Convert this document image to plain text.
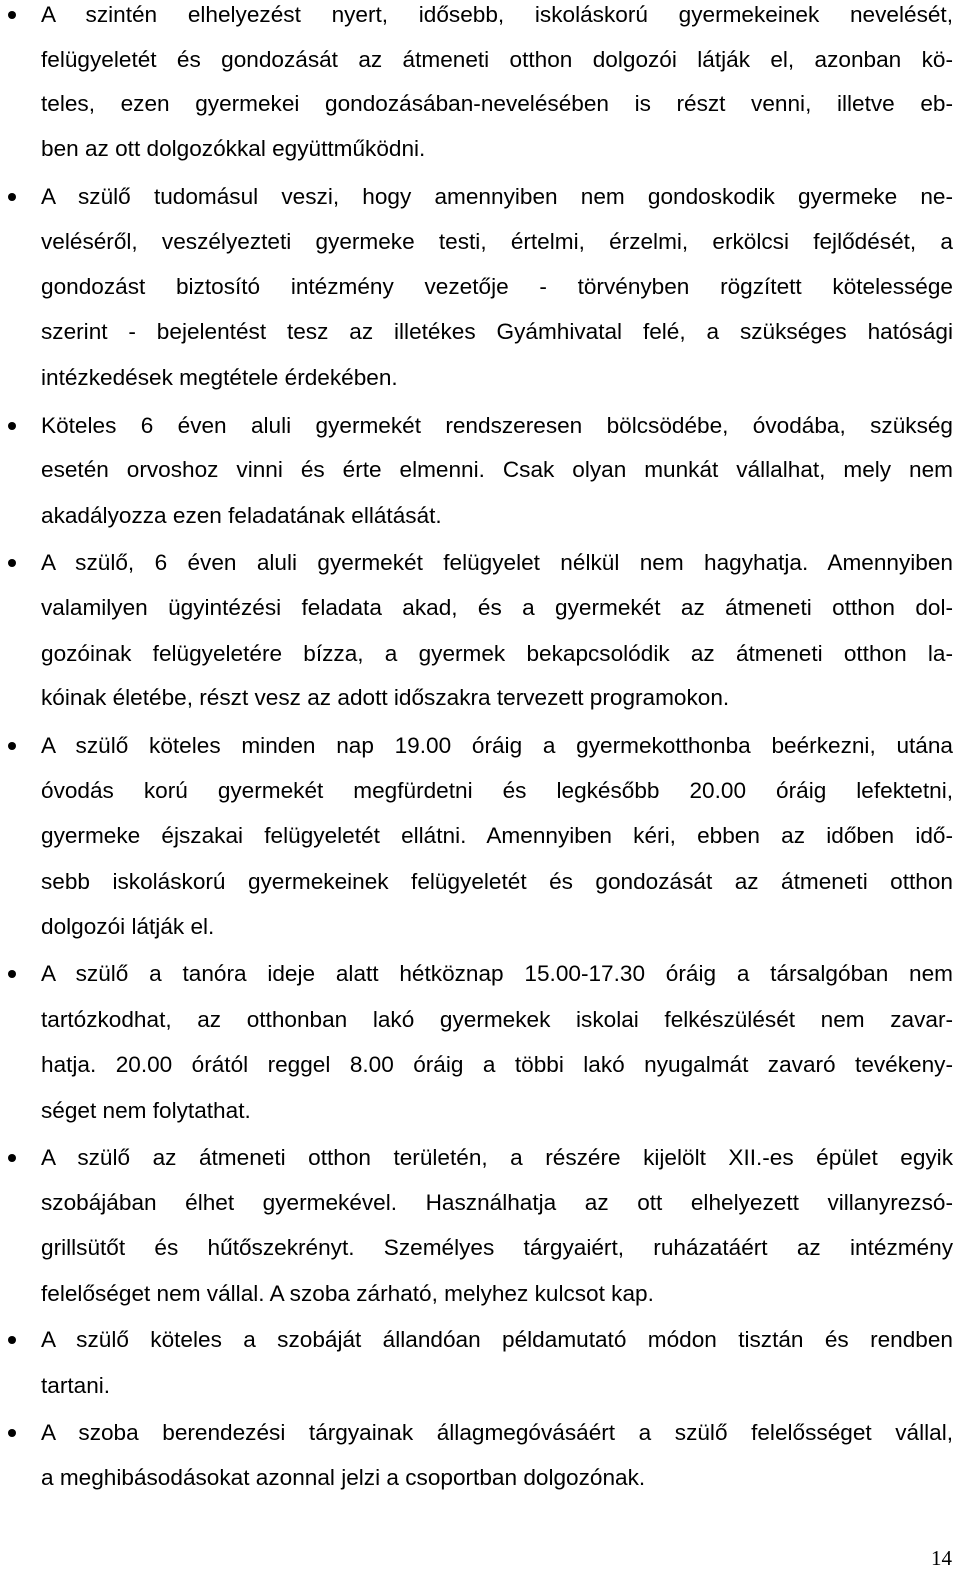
A szintén elhelyezést nyert, idősebb, iskoláskorú gyermekeinek nevelését,
felügyeletét és gondozását az átmeneti otthon dolgozói látják el, azonban kö-
teles, ezen gyermekei gondozásában-nevelésében is részt venni, illetve eb-
ben az ott dolgozókkal együttműködni.
A szülő tudomásul veszi, hogy amennyiben nem gondoskodik gyermeke ne-
veléséről, veszélyezteti gyermeke testi, értelmi, érzelmi, erkölcsi fejlődését, a
gondozást biztosító intézmény vezetője - törvényben rögzített kötelessége
szerint - bejelentést tesz az illetékes Gyámhivatal felé, a szükséges hatósági
intézkedések megtétele érdekében.
Köteles 6 éven aluli gyermekét rendszeresen bölcsödébe, óvodába, szükség
esetén orvoshoz vinni és érte elmenni. Csak olyan munkát vállalhat, mely nem
akadályozza ezen feladatának ellátását.
A szülő, 6 éven aluli gyermekét felügyelet nélkül nem hagyhatja. Amennyiben
valamilyen ügyintézési feladata akad, és a gyermekét az átmeneti otthon dol-
gozóinak felügyeletére bízza, a gyermek bekapcsolódik az átmeneti otthon la-
kóinak életébe, részt vesz az adott időszakra tervezett programokon.
A szülő köteles minden nap 19.00 óráig a gyermekotthonba beérkezni, utána
óvodás korú gyermekét megfürdetni és legkésőbb 20.00 óráig lefektetni,
gyermeke éjszakai felügyeletét ellátni. Amennyiben kéri, ebben az időben idő-
sebb iskoláskorú gyermekeinek felügyeletét és gondozását az átmeneti otthon
dolgozói látják el.
A szülő a tanóra ideje alatt hétköznap 15.00-17.30 óráig a társalgóban nem
tartózkodhat, az otthonban lakó gyermekek iskolai felkészülését nem zavar-
hatja. 20.00 órától reggel 8.00 óráig a többi lakó nyugalmát zavaró tevékeny-
séget nem folytathat.
A szülő az átmeneti otthon területén, a részére kijelölt XII.-es épület egyik
szobájában élhet gyermekével. Használhatja az ott elhelyezett villanyrezsó-
grillsütőt és hűtőszekrényt. Személyes tárgyaiért, ruházatáért az intézmény
felelőséget nem vállal. A szoba zárható, melyhez kulcsot kap.
A szülő köteles a szobáját állandóan példamutató módon tisztán és rendben
tartani.
A szoba berendezési tárgyainak állagmegóvásáért a szülő felelősséget vállal,
a meghibásodásokat azonnal jelzi a csoportban dolgozónak.
14
